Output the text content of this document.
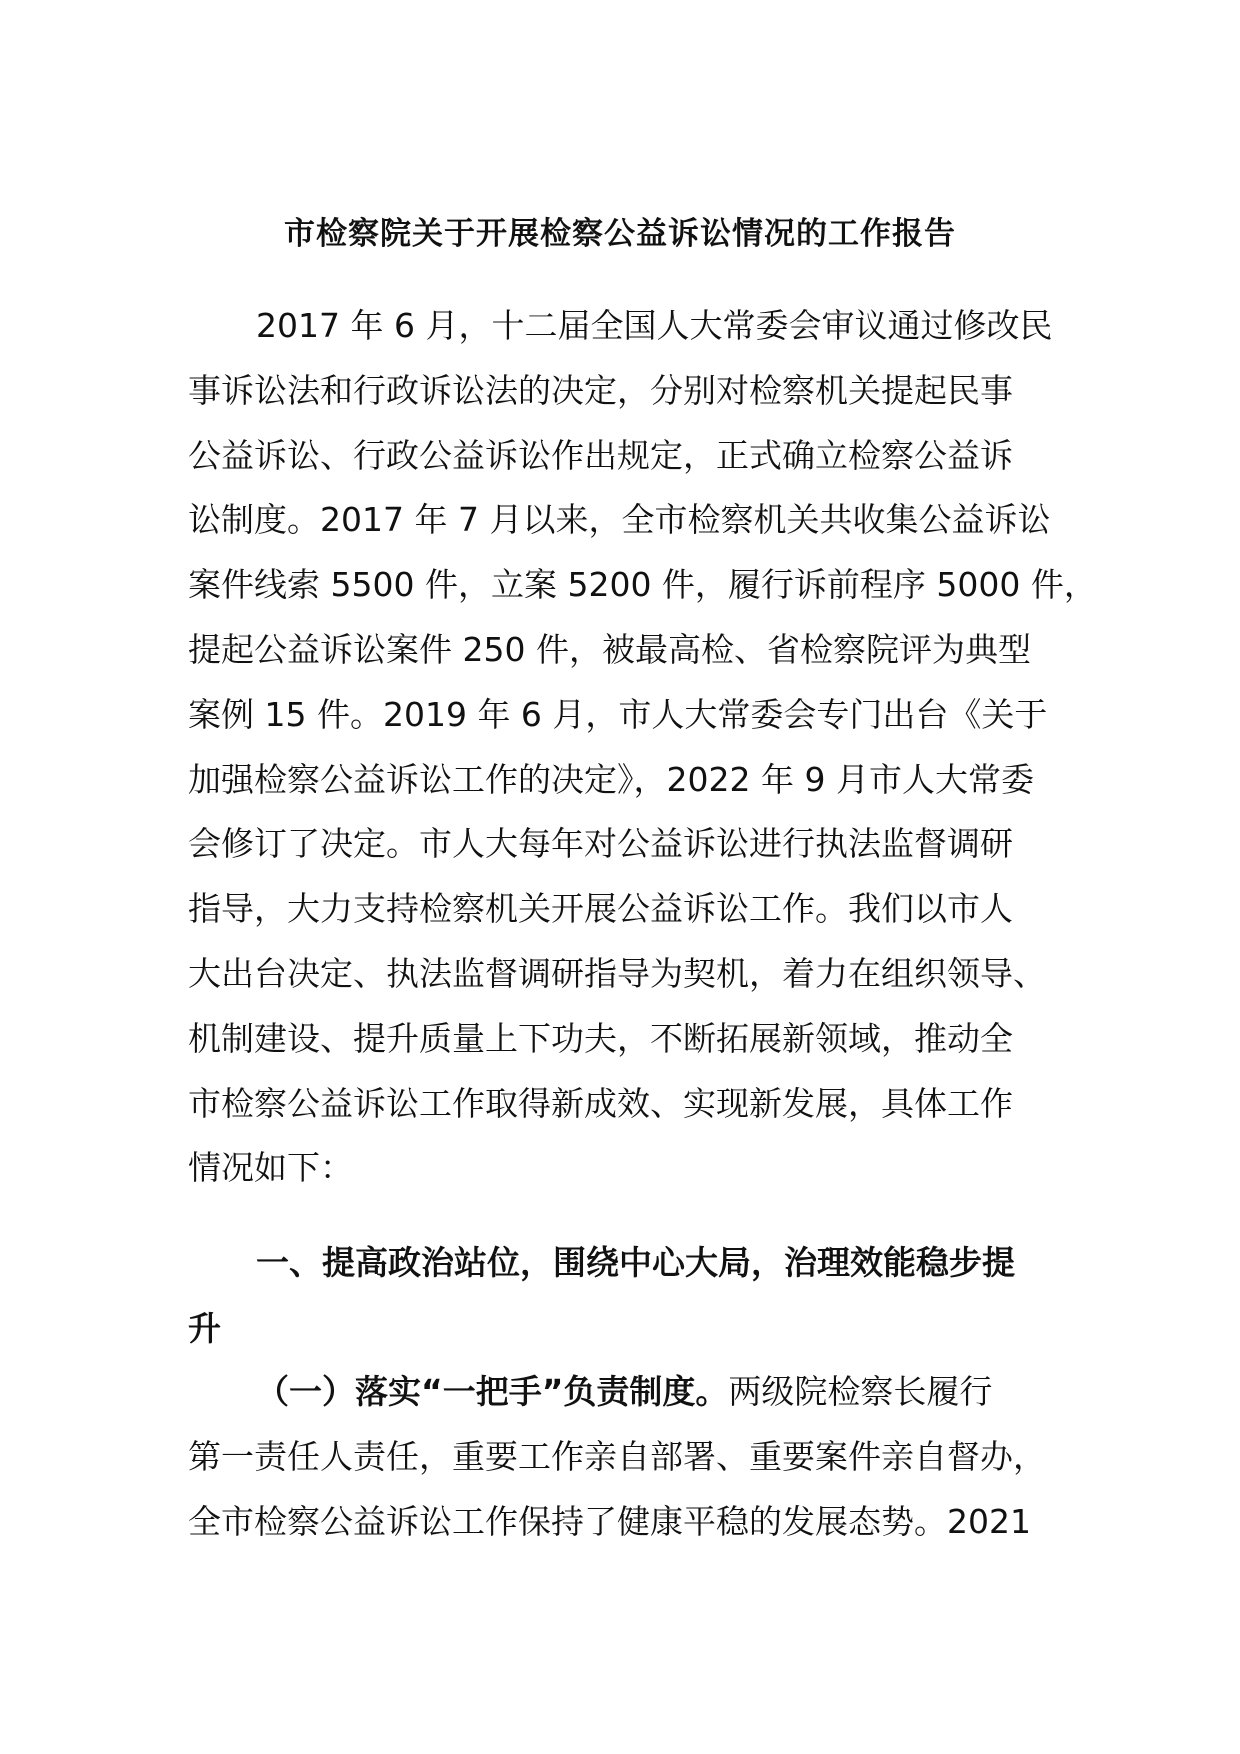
市检察院关于开展检察公益诉讼情况的工作报告
2017 年 6 月，十二届全国人大常委会审议通过修改民
事诉讼法和行政诉讼法的决定，分别对检察机关提起民事
公益诉讼、行政公益诉讼作出规定，正式确立检察公益诉
讼制度。2017 年 7 月以来，全市检察机关共收集公益诉讼
案件线索 5500 件，立案 5200 件，履行诉前程序 5000 件，
提起公益诉讼案件 250 件，被最高检、省检察院评为典型
案例 15 件。2019 年 6 月，市人大常委会专门出台《关于
加强检察公益诉讼工作的决定》，2022 年 9 月市人大常委
会修订了决定。市人大每年对公益诉讼进行执法监督调研
指导，大力支持检察机关开展公益诉讼工作。我们以市人
大出台决定、执法监督调研指导为契机，着力在组织领导、
机制建设、提升质量上下功夫，不断拓展新领域，推动全
市检察公益诉讼工作取得新成效、实现新发展，具体工作
情况如下：
一、提高政治站位，围绕中心大局，治理效能稳步提
升
（一）落实“一把手”负责制度。两级院检察长履行
第一责任人责任，重要工作亲自部署、重要案件亲自督办，
全市检察公益诉讼工作保持了健康平稳的发展态势。2021
